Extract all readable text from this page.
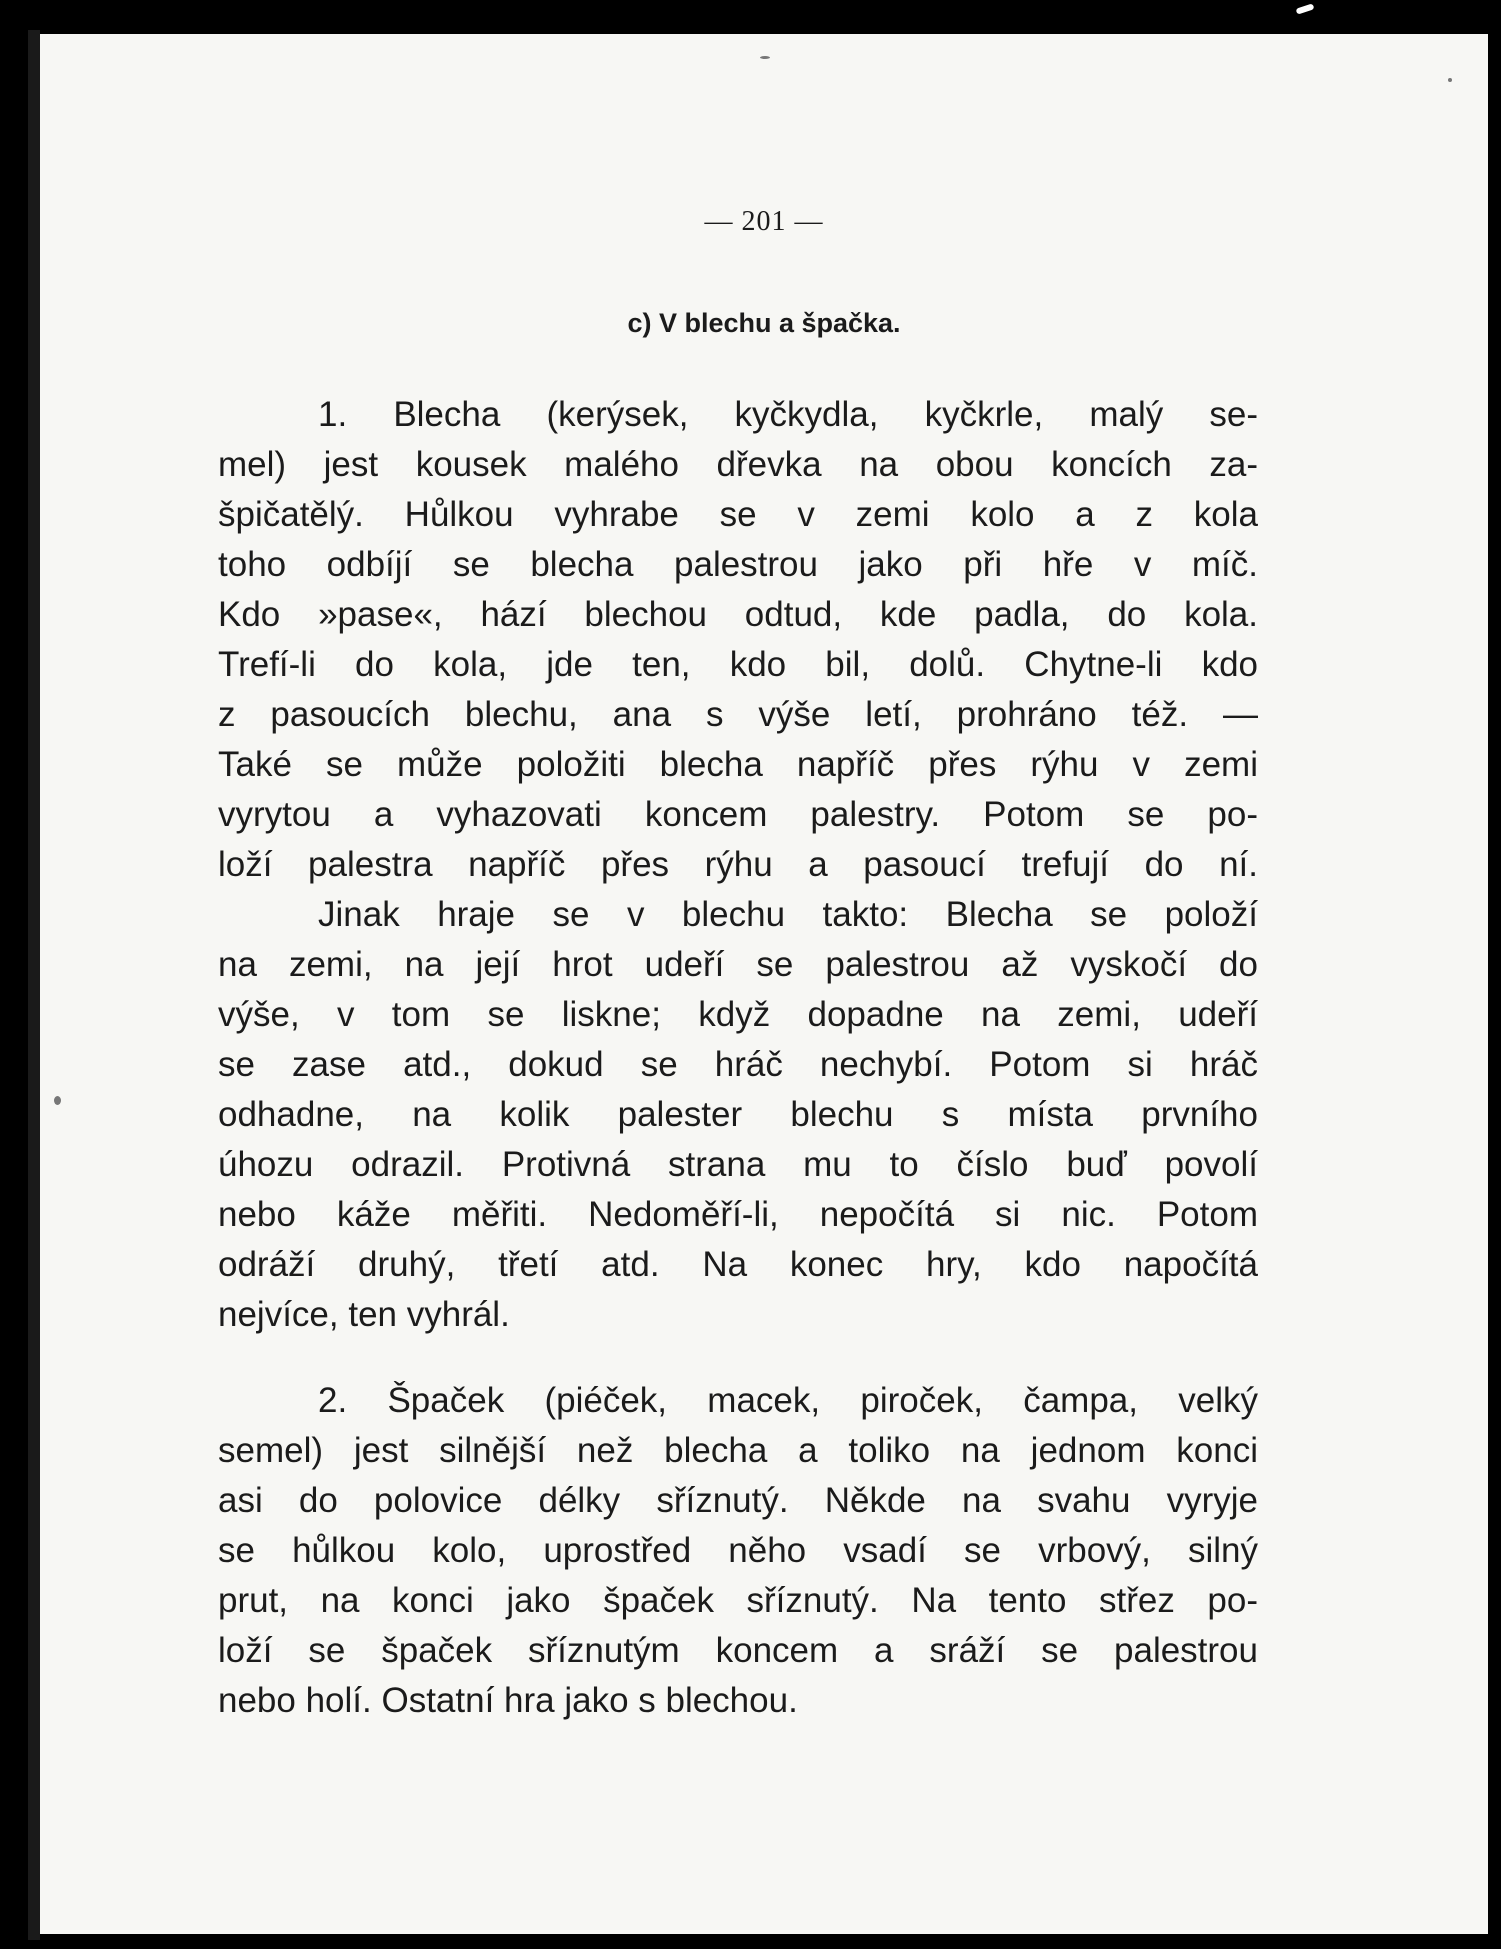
— 201 —
c) V blechu a špačka.
1. Blecha (kerýsek, kyčkydla, kyčkrle, malý se-
mel) jest kousek malého dřevka na obou koncích za-
špičatělý. Hůlkou vyhrabe se v zemi kolo a z kola
toho odbíjí se blecha palestrou jako při hře v míč.
Kdo »pase«, hází blechou odtud, kde padla, do kola.
Trefí-li do kola, jde ten, kdo bil, dolů. Chytne-li kdo
z pasoucích blechu, ana s výše letí, prohráno též. —
Také se může položiti blecha napříč přes rýhu v zemi
vyrytou a vyhazovati koncem palestry. Potom se po-
loží palestra napříč přes rýhu a pasoucí trefují do ní.
Jinak hraje se v blechu takto: Blecha se položí
na zemi, na její hrot udeří se palestrou až vyskočí do
výše, v tom se liskne; když dopadne na zemi, udeří
se zase atd., dokud se hráč nechybí. Potom si hráč
odhadne, na kolik palester blechu s místa prvního
úhozu odrazil. Protivná strana mu to číslo buď povolí
nebo káže měřiti. Nedoměří-li, nepočítá si nic. Potom
odráží druhý, třetí atd. Na konec hry, kdo napočítá
nejvíce, ten vyhrál.
2. Špaček (piéček, macek, piroček, čampa, velký
semel) jest silnější než blecha a toliko na jednom konci
asi do polovice délky sříznutý. Někde na svahu vyryje
se hůlkou kolo, uprostřed něho vsadí se vrbový, silný
prut, na konci jako špaček sříznutý. Na tento střez po-
loží se špaček sříznutým koncem a sráží se palestrou
nebo holí. Ostatní hra jako s blechou.
